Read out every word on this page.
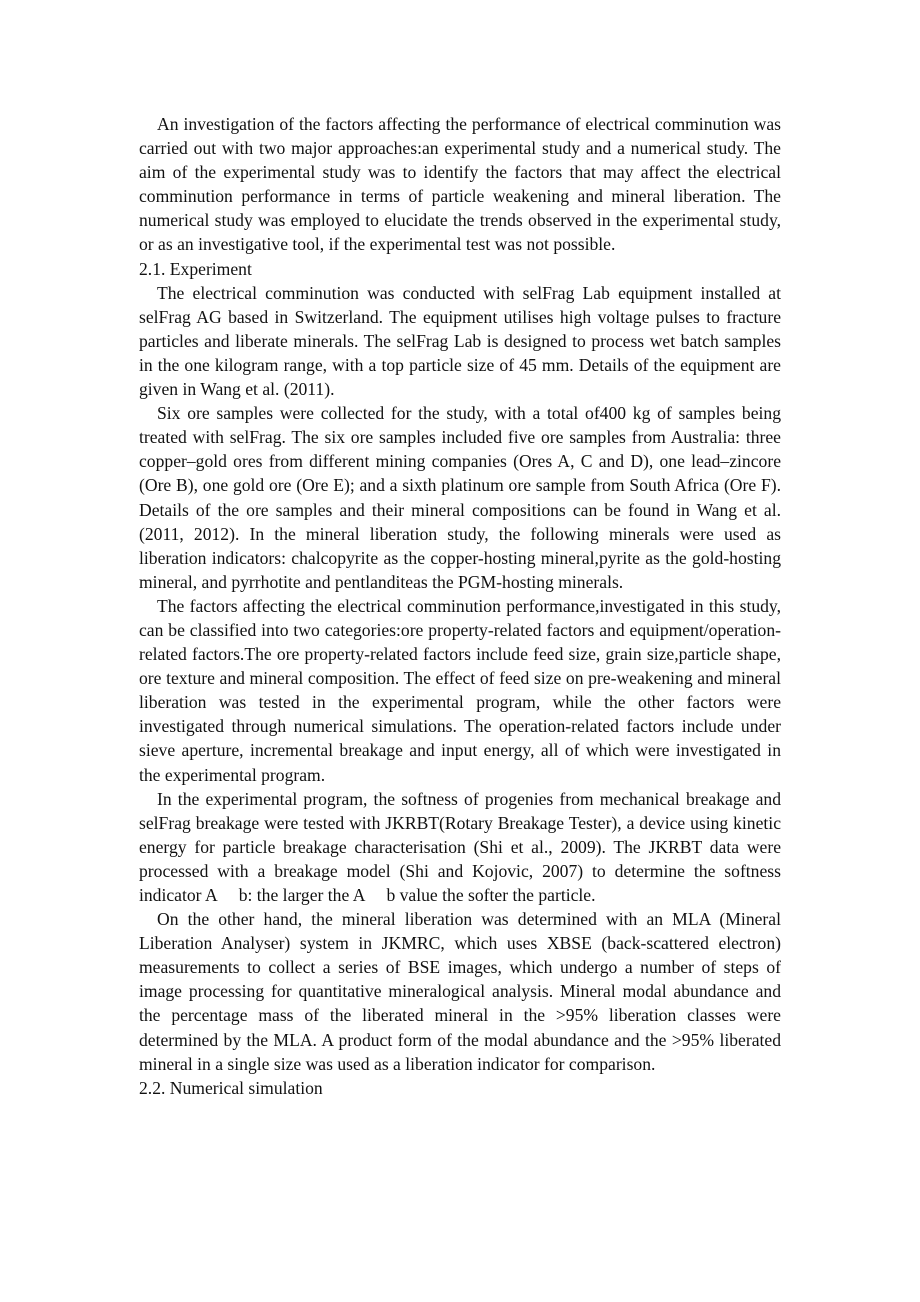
An investigation of the factors affecting the performance of electrical comminution was carried out with two major approaches:an experimental study and a numerical study. The aim of the experimental study was to identify the factors that may affect the electrical comminution performance in terms of particle weakening and mineral liberation. The numerical study was employed to elucidate the trends observed in the experimental study, or as an investigative tool, if the experimental test was not possible.

2.1. Experiment

The electrical comminution was conducted with selFrag Lab equipment installed at selFrag AG based in Switzerland. The equipment utilises high voltage pulses to fracture particles and liberate minerals. The selFrag Lab is designed to process wet batch samples in the one kilogram range, with a top particle size of 45 mm. Details of the equipment are given in Wang et al. (2011).

Six ore samples were collected for the study, with a total of400 kg of samples being treated with selFrag. The six ore samples included five ore samples from Australia: three copper–gold ores from different mining companies (Ores A, C and D), one lead–zincore (Ore B), one gold ore (Ore E); and a sixth platinum ore sample from South Africa (Ore F). Details of the ore samples and their mineral compositions can be found in Wang et al. (2011, 2012). In the mineral liberation study, the following minerals were used as liberation indicators: chalcopyrite as the copper-hosting mineral,pyrite as the gold-hosting mineral, and pyrrhotite and pentlanditeas the PGM-hosting minerals.

The factors affecting the electrical comminution performance,investigated in this study, can be classified into two categories:ore property-related factors and equipment/operation-related factors.The ore property-related factors include feed size, grain size,particle shape, ore texture and mineral composition. The effect of feed size on pre-weakening and mineral liberation was tested in the experimental program, while the other factors were investigated through numerical simulations. The operation-related factors include under sieve aperture, incremental breakage and input energy, all of which were investigated in the experimental program.

In the experimental program, the softness of progenies from mechanical breakage and selFrag breakage were tested with JKRBT(Rotary Breakage Tester), a device using kinetic energy for particle breakage characterisation (Shi et al., 2009). The JKRBT data were processed with a breakage model (Shi and Kojovic, 2007) to determine the softness indicator A b: the larger the A b value the softer the particle.

On the other hand, the mineral liberation was determined with an MLA (Mineral Liberation Analyser) system in JKMRC, which uses XBSE (back-scattered electron) measurements to collect a series of BSE images, which undergo a number of steps of image processing for quantitative mineralogical analysis. Mineral modal abundance and the percentage mass of the liberated mineral in the >95% liberation classes were determined by the MLA. A product form of the modal abundance and the >95% liberated mineral in a single size was used as a liberation indicator for comparison.

2.2. Numerical simulation
